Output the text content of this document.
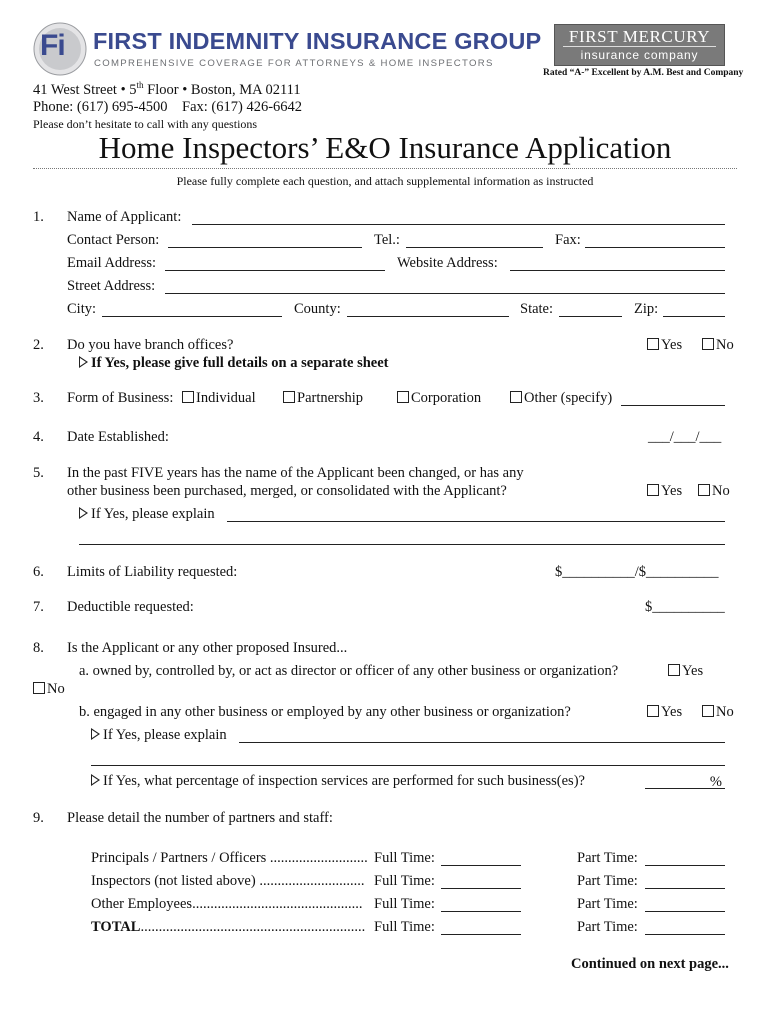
Fi FIRST INDEMNITY INSURANCE GROUP
COMPREHENSIVE COVERAGE FOR ATTORNEYS & HOME INSPECTORS
FIRST MERCURY
insurance company
Rated “A-” Excellent by A.M. Best and Company
41 West Street • 5th Floor • Boston, MA 02111
Phone: (617) 695-4500    Fax: (617) 426-6642
Please don’t hesitate to call with any questions
Home Inspectors’ E&O Insurance Application
Please fully complete each question, and attach supplemental information as instructed
1. Name of Applicant:
Contact Person:	Tel.:	Fax:
Email Address:	Website Address:
Street Address:
City:	County:	State:	Zip:
2. Do you have branch offices?	Yes	No
If Yes, please give full details on a separate sheet
3. Form of Business:	Individual	Partnership	Corporation	Other (specify)
4. Date Established:	___/___/___
5. In the past FIVE years has the name of the Applicant been changed, or has any
other business been purchased, merged, or consolidated with the Applicant?	Yes	No
If Yes, please explain
6. Limits of Liability requested:	$__________/$__________
7. Deductible requested:	$__________
8. Is the Applicant or any other proposed Insured...
a. owned by, controlled by, or act as director or officer of any other business or organization?	Yes
No
b. engaged in any other business or employed by any other business or organization?	Yes	No
If Yes, please explain
If Yes, what percentage of inspection services are performed for such business(es)?	%
9. Please detail the number of partners and staff:
Principals / Partners / Officers ........................... Full Time:	Part Time:
Inspectors (not listed above) ............................. Full Time:	Part Time:
Other Employees............................................... Full Time:	Part Time:
TOTAL.............................................................. Full Time:	Part Time:
Continued on next page...
